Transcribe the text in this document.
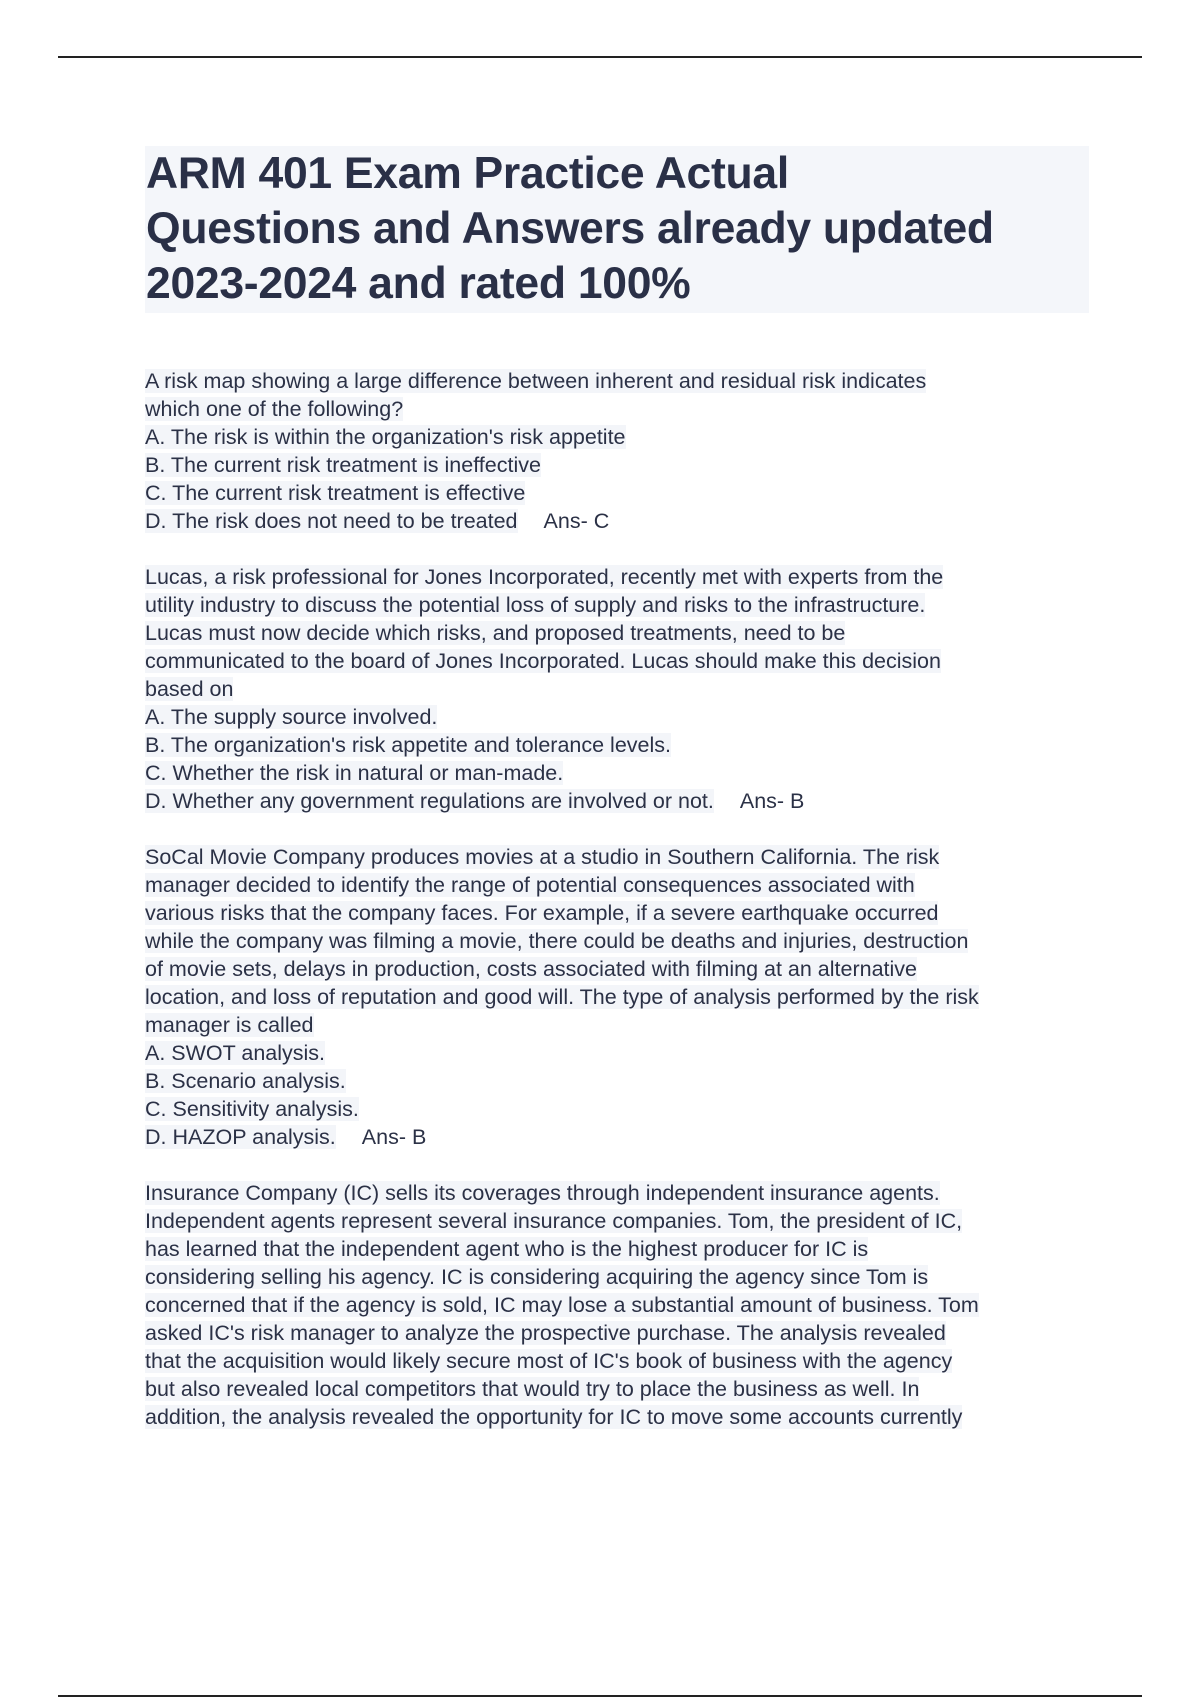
ARM 401 Exam Practice Actual
Questions and Answers already updated
2023-2024 and rated 100%
A risk map showing a large difference between inherent and residual risk indicates
which one of the following?
A. The risk is within the organization's risk appetite
B. The current risk treatment is ineffective
C. The current risk treatment is effective
D. The risk does not need to be treated Ans- C
Lucas, a risk professional for Jones Incorporated, recently met with experts from the
utility industry to discuss the potential loss of supply and risks to the infrastructure.
Lucas must now decide which risks, and proposed treatments, need to be
communicated to the board of Jones Incorporated. Lucas should make this decision
based on
A. The supply source involved.
B. The organization's risk appetite and tolerance levels.
C. Whether the risk in natural or man-made.
D. Whether any government regulations are involved or not. Ans- B
SoCal Movie Company produces movies at a studio in Southern California. The risk
manager decided to identify the range of potential consequences associated with
various risks that the company faces. For example, if a severe earthquake occurred
while the company was filming a movie, there could be deaths and injuries, destruction
of movie sets, delays in production, costs associated with filming at an alternative
location, and loss of reputation and good will. The type of analysis performed by the risk
manager is called
A. SWOT analysis.
B. Scenario analysis.
C. Sensitivity analysis.
D. HAZOP analysis. Ans- B
Insurance Company (IC) sells its coverages through independent insurance agents.
Independent agents represent several insurance companies. Tom, the president of IC,
has learned that the independent agent who is the highest producer for IC is
considering selling his agency. IC is considering acquiring the agency since Tom is
concerned that if the agency is sold, IC may lose a substantial amount of business. Tom
asked IC's risk manager to analyze the prospective purchase. The analysis revealed
that the acquisition would likely secure most of IC's book of business with the agency
but also revealed local competitors that would try to place the business as well. In
addition, the analysis revealed the opportunity for IC to move some accounts currently
